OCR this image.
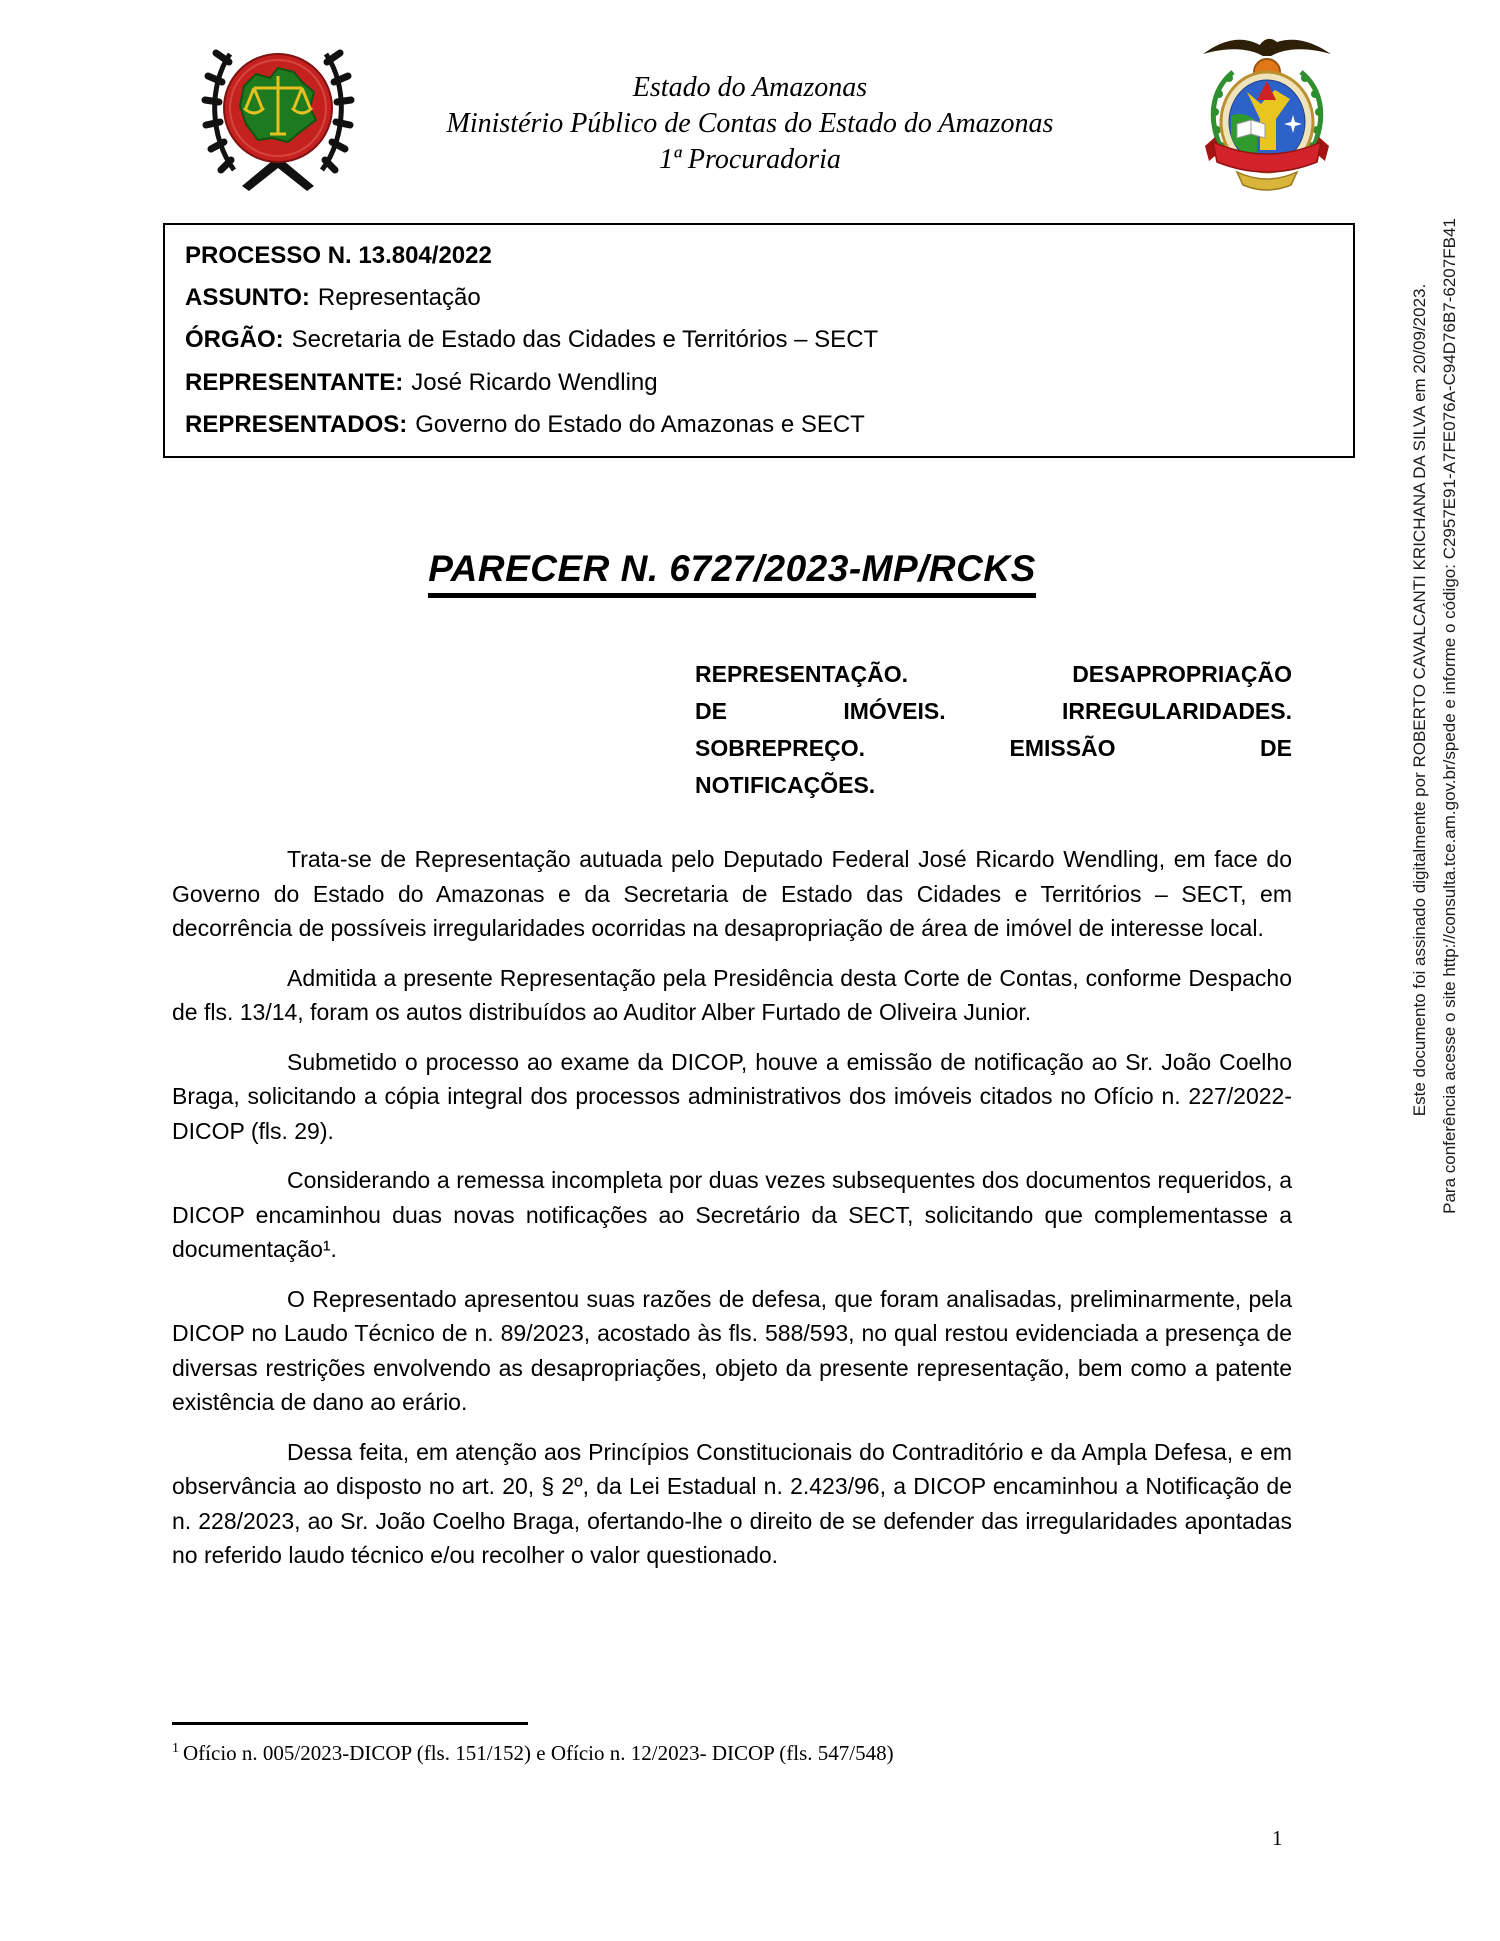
Estado do Amazonas
Ministério Público de Contas do Estado do Amazonas
1ª Procuradoria
PROCESSO N. 13.804/2022
ASSUNTO: Representação
ÓRGÃO: Secretaria de Estado das Cidades e Territórios – SECT
REPRESENTANTE: José Ricardo Wendling
REPRESENTADOS: Governo do Estado do Amazonas e SECT
PARECER N. 6727/2023-MP/RCKS
REPRESENTAÇÃO. DESAPROPRIAÇÃO
DE IMÓVEIS. IRREGULARIDADES.
SOBREPREÇO. EMISSÃO DE
NOTIFICAÇÕES.

Trata-se de Representação autuada pelo Deputado Federal José Ricardo Wendling, em face do Governo do Estado do Amazonas e da Secretaria de Estado das Cidades e Territórios – SECT, em decorrência de possíveis irregularidades ocorridas na desapropriação de área de imóvel de interesse local.

Admitida a presente Representação pela Presidência desta Corte de Contas, conforme Despacho de fls. 13/14, foram os autos distribuídos ao Auditor Alber Furtado de Oliveira Junior.

Submetido o processo ao exame da DICOP, houve a emissão de notificação ao Sr. João Coelho Braga, solicitando a cópia integral dos processos administrativos dos imóveis citados no Ofício n. 227/2022-DICOP (fls. 29).

Considerando a remessa incompleta por duas vezes subsequentes dos documentos requeridos, a DICOP encaminhou duas novas notificações ao Secretário da SECT, solicitando que complementasse a documentação¹.

O Representado apresentou suas razões de defesa, que foram analisadas, preliminarmente, pela DICOP no Laudo Técnico de n. 89/2023, acostado às fls. 588/593, no qual restou evidenciada a presença de diversas restrições envolvendo as desapropriações, objeto da presente representação, bem como a patente existência de dano ao erário.

Dessa feita, em atenção aos Princípios Constitucionais do Contraditório e da Ampla Defesa, e em observância ao disposto no art. 20, § 2º, da Lei Estadual n. 2.423/96, a DICOP encaminhou a Notificação de n. 228/2023, ao Sr. João Coelho Braga, ofertando-lhe o direito de se defender das irregularidades apontadas no referido laudo técnico e/ou recolher o valor questionado.

$^1$ Ofício n. 005/2023-DICOP (fls. 151/152) e Ofício n. 12/2023- DICOP (fls. 547/548)
1
Este documento foi assinado digitalmente por ROBERTO CAVALCANTI KRICHANA DA SILVA em 20/09/2023. Para conferência acesse o site http://consulta.tce.am.gov.br/spede e informe o código: C2957E91-A7FE076A-C94D76B7-6207FB41
